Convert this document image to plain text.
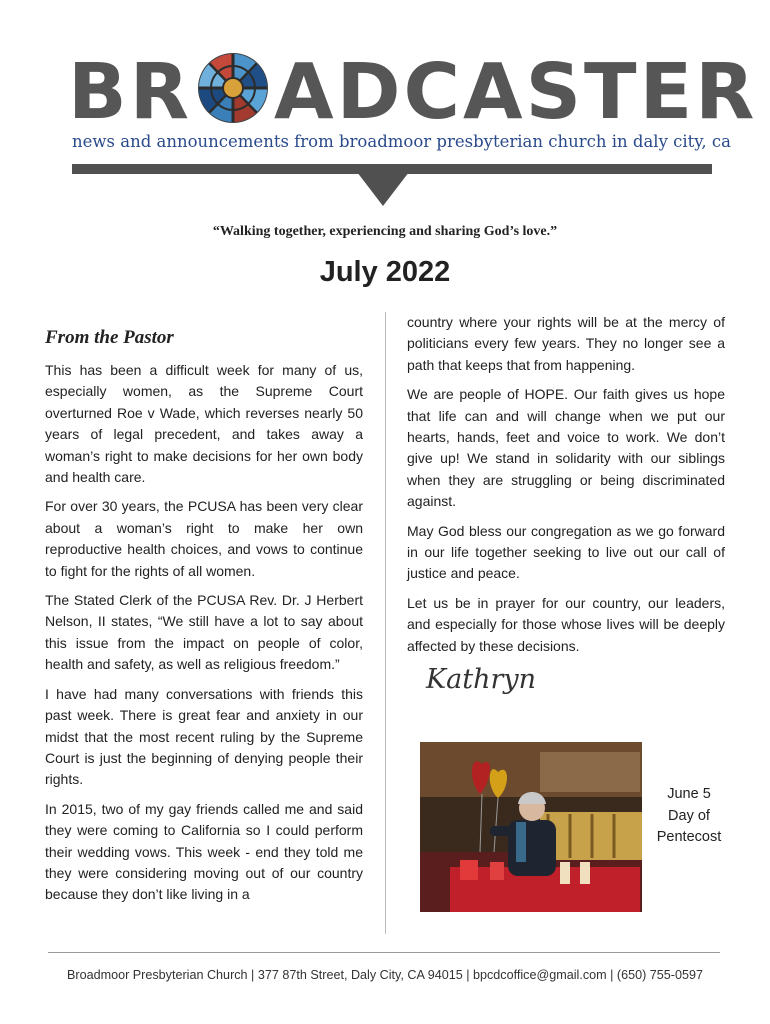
BR ADCASTER
news and announcements from broadmoor presbyterian church in daly city, ca
“Walking together, experiencing and sharing God’s love.”
July 2022
From the Pastor

This has been a difficult week for many of us, especially women, as the Supreme Court overturned Roe v Wade, which reverses nearly 50 years of legal precedent, and takes away a woman’s right to make decisions for her own body and health care.

For over 30 years, the PCUSA has been very clear about a woman’s right to make her own reproductive health choices, and vows to continue to fight for the rights of all women.

The Stated Clerk of the PCUSA Rev. Dr. J Herbert Nelson, II states, “We still have a lot to say about this issue from the impact on people of color, health and safety, as well as religious freedom.”

I have had many conversations with friends this past week. There is great fear and anxiety in our midst that the most recent ruling by the Supreme Court is just the beginning of denying people their rights.

In 2015, two of my gay friends called me and said they were coming to California so I could perform their wedding vows. This week - end they told me they were considering moving out of our country because they don’t like living in a

country where your rights will be at the mercy of politicians every few years. They no longer see a path that keeps that from happening.

We are people of HOPE. Our faith gives us hope that life can and will change when we put our hearts, hands, feet and voice to work. We don’t give up! We stand in solidarity with our siblings when they are struggling or being discriminated against.

May God bless our congregation as we go forward in our life together seeking to live out our call of justice and peace.

Let us be in prayer for our country, our leaders, and especially for those whose lives will be deeply affected by these decisions.

Kathryn
June 5
Day of
Pentecost
Broadmoor Presbyterian Church | 377 87th Street, Daly City, CA 94015 | bpcdcoffice@gmail.com | (650) 755-0597
